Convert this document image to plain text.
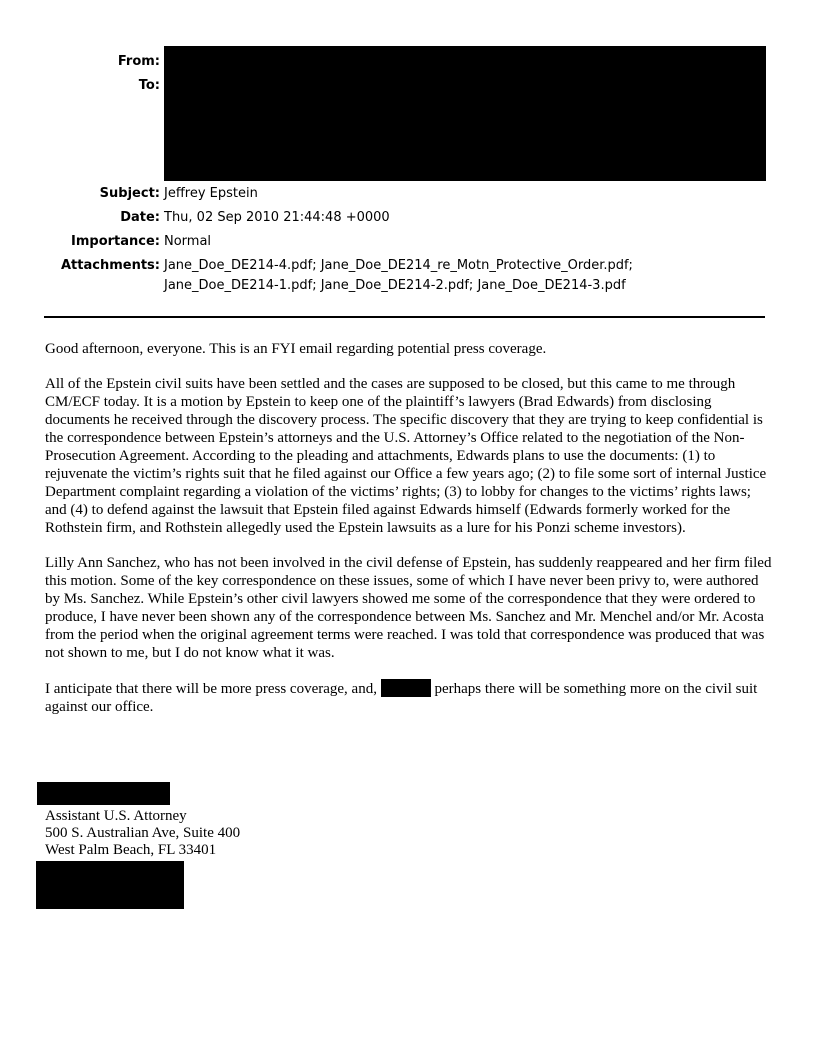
From:
To:
Subject: Jeffrey Epstein
Date: Thu, 02 Sep 2010 21:44:48 +0000
Importance: Normal
Attachments: Jane_Doe_DE214-4.pdf; Jane_Doe_DE214_re_Motn_Protective_Order.pdf;
Jane_Doe_DE214-1.pdf; Jane_Doe_DE214-2.pdf; Jane_Doe_DE214-3.pdf

Good afternoon, everyone. This is an FYI email regarding potential press coverage.

All of the Epstein civil suits have been settled and the cases are supposed to be closed, but this came to me through CM/ECF today. It is a motion by Epstein to keep one of the plaintiff’s lawyers (Brad Edwards) from disclosing documents he received through the discovery process. The specific discovery that they are trying to keep confidential is the correspondence between Epstein’s attorneys and the U.S. Attorney’s Office related to the negotiation of the Non-Prosecution Agreement. According to the pleading and attachments, Edwards plans to use the documents: (1) to rejuvenate the victim’s rights suit that he filed against our Office a few years ago; (2) to file some sort of internal Justice Department complaint regarding a violation of the victims’ rights; (3) to lobby for changes to the victims’ rights laws; and (4) to defend against the lawsuit that Epstein filed against Edwards himself (Edwards formerly worked for the Rothstein firm, and Rothstein allegedly used the Epstein lawsuits as a lure for his Ponzi scheme investors).

Lilly Ann Sanchez, who has not been involved in the civil defense of Epstein, has suddenly reappeared and her firm filed this motion. Some of the key correspondence on these issues, some of which I have never been privy to, were authored by Ms. Sanchez. While Epstein’s other civil lawyers showed me some of the correspondence that they were ordered to produce, I have never been shown any of the correspondence between Ms. Sanchez and Mr. Menchel and/or Mr. Acosta from the period when the original agreement terms were reached. I was told that correspondence was produced that was not shown to me, but I do not know what it was.

I anticipate that there will be more press coverage, and,	perhaps there will be something more on the civil suit against our office.

Assistant U.S. Attorney
500 S. Australian Ave, Suite 400
West Palm Beach, FL 33401
